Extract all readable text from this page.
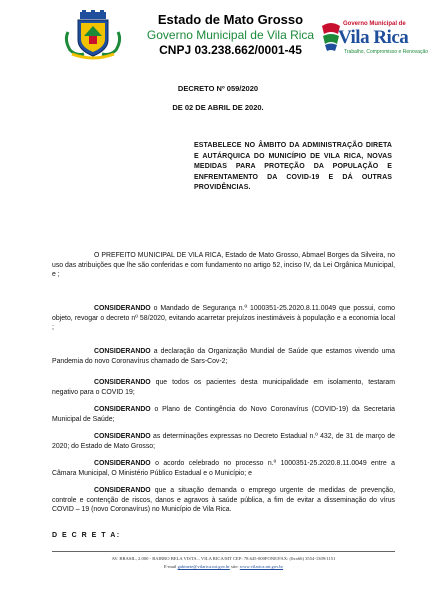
Estado de Mato Grosso
Governo Municipal de Vila Rica
CNPJ 03.238.662/0001-45
Governo Municipal de
Vila Rica
Trabalho, Compromisso e Renovação
DECRETO Nº 059/2020
DE 02 DE ABRIL DE 2020.
ESTABELECE NO ÂMBITO DA ADMINISTRAÇÃO DIRETA E AUTÁRQUICA DO MUNICÍPIO DE VILA RICA, NOVAS MEDIDAS PARA PROTEÇÃO DA POPULAÇÃO E ENFRENTAMENTO DA COVID-19 E DÁ OUTRAS PROVIDÊNCIAS.
O PREFEITO MUNICIPAL DE VILA RICA, Estado de Mato Grosso, Abmael Borges da Silveira, no uso das atribuições que lhe são conferidas e com fundamento no artigo 52, inciso IV, da Lei Orgânica Municipal, e ;
CONSIDERANDO o Mandado de Segurança n.º 1000351-25.2020.8.11.0049 que possui, como objeto, revogar o decreto nº 58/2020, evitando acarretar prejuízos inestimáveis à população e a economia local ;
CONSIDERANDO a declaração da Organização Mundial de Saúde que estamos vivendo uma Pandemia do novo Coronavírus chamado de Sars-Cov-2;
CONSIDERANDO que todos os pacientes desta municipalidade em isolamento, testaram negativo para o COVID 19;
CONSIDERANDO o Plano de Contingência do Novo Coronavírus (COVID-19) da Secretaria Municipal de Saúde;
CONSIDERANDO as determinações expressas no Decreto Estadual n.º 432, de 31 de março de 2020; do Estado de Mato Grosso;
CONSIDERANDO o acordo celebrado no processo n.º 1000351-25.2020.8.11.0049 entre a Câmara Municipal, O Ministério Público Estadual e o Município; e
CONSIDERANDO que a situação demanda o emprego urgente de medidas de prevenção, controle e contenção de riscos, danos e agravos à saúde pública, a fim de evitar a disseminação do vírus COVID – 19 (novo Coronavírus) no Município de Vila Rica.
D E C R E T A:
AV. BRASIL, 2.000 - BAIRRO BELA VISTA – VILA RICA/MT CEP: 78.645-000FONE/FAX: (0xx66) 3554-1309/1151
E-mail gabinete@vilarica.mt.gov.br site: www.vilarica.mt.gov.br
